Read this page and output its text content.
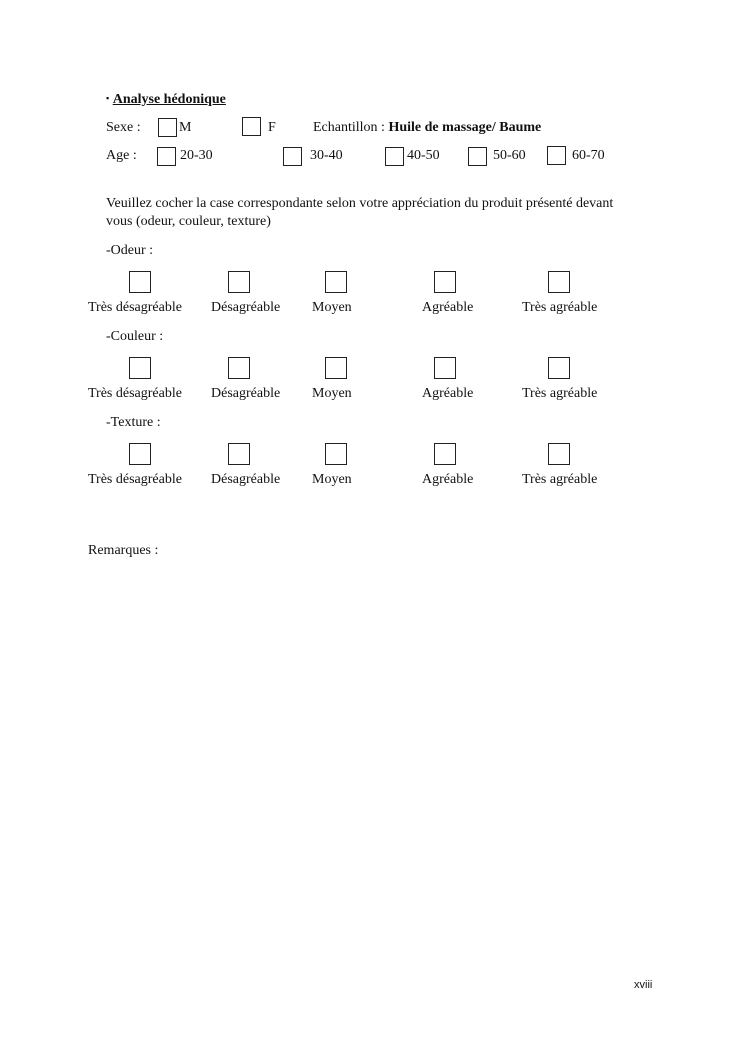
▪ Analyse hédonique
Sexe :	M	F	Echantillon : Huile de massage/ Baume
Age :	20-30	30-40	40-50	50-60	60-70
Veuillez cocher la case correspondante selon votre appréciation du produit présenté devant
vous (odeur, couleur, texture)
-Odeur :
Très désagréable Désagréable Moyen	Agréable	Très agréable
-Couleur :
Très désagréable Désagréable Moyen	Agréable	Très agréable
-Texture :
Très désagréable Désagréable Moyen	Agréable	Très agréable
Remarques :
xviii
